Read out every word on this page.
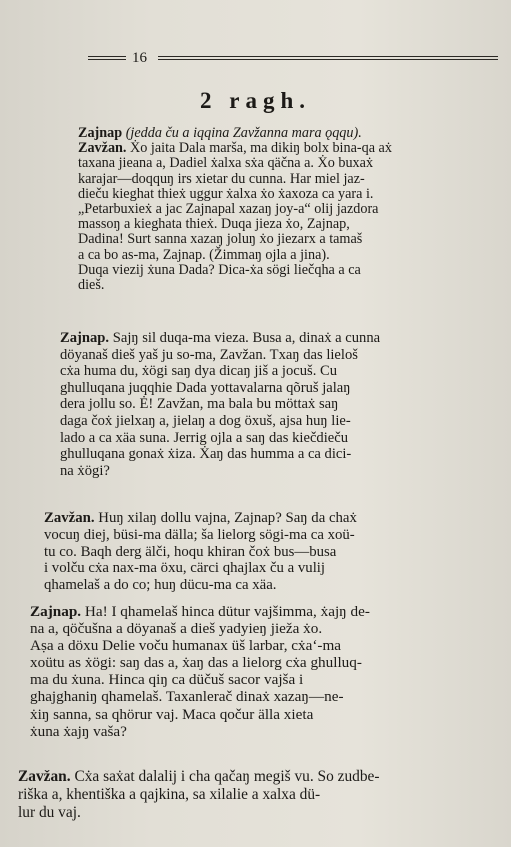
16
2 ragh.
Zajnap (jedda ču a iqqina Zavžanna mara ǫqqu).
Zavžan. Ẋo jaita Dala marša, ma dikiŋ bolx bina-qa aẋ
taxana jieana a, Dadiel ẋalxa sẋa qäčna a. Ẋo buxaẋ
karajar—doqquŋ irs xietar du cunna. Har miel jaz-
dieču kieghat thieẋ uggur ẋalxa ẋo ẋaxoza ca yara i.
„Petarbuxieẋ a jac Zajnapal xazaŋ joy-a“ olij jazdora
massoŋ a kieghata thieẋ. Duqa jieza ẋo, Zajnap,
Dadina! Surt sanna xazaŋ joluŋ ẋo jiezarx a tamaš
a ca bo as-ma, Zajnap. (Žimmaŋ ojla a jina).
Duqa viezij ẋuna Dada? Dica-ẋa sögi liečqha a ca
dieš.
Zajnap. Sajŋ sil duqa-ma vieza. Busa a, dinaẋ a cunna
döyanaš dieš yaš ju so-ma, Zavžan. Txaŋ das lieloš
cẋa huma du, ẋögi saŋ dya dicaŋ jiš a jocuš. Cu
ghulluqana juqqhie Dada yottavalarna qõruš jalaŋ
dera jollu so. Ė! Zavžan, ma bala bu möttaẋ saŋ
daga čoẋ jielxaŋ a, jielaŋ a dog öxuš, ajsa huŋ lie-
lado a ca xäa suna. Jerrig ojla a saŋ das kiečdieču
ghulluqana gonaẋ ẋiza. Ẋaŋ das humma a ca dici-
na ẋögi?
Zavžan. Huŋ xilaŋ dollu vajna, Zajnap? Saŋ da chaẋ
vocuŋ diej, büsi-ma dälla; ša lielorg sögi-ma ca xoü-
tu co. Baqh derg älči, hoqu khiran čoẋ bus—busa
i volču cẋa nax-ma öxu, cärci qhajlax ču a vulij
qhamelaš a do co; huŋ dücu-ma ca xäa.
Zajnap. Ha! I qhamelaš hinca dütur vajšimma, ẋajŋ de-
na a, qöčušna a döyanaš a dieš yadyieŋ jieža ẋo.
Aṣa a döxu Delie voču humanax üš larbar, cẋa‘-ma
xoütu as ẋögi: saŋ das a, ẋaŋ das a lielorg cẋa ghulluq-
ma du ẋuna. Hinca qiŋ ca düčuš sacor vajša i
ghajghaniŋ qhamelaš. Taxanlerač dinaẋ xazaŋ—ne-
ẋiŋ sanna, sa qhörur vaj. Maca qočur älla xieta
ẋuna ẋajŋ vaša?
Zavžan. Cẋa saẋat dalalij i cha qačaŋ megiš vu. So zudbe-
riška a, khentiška a qajkina, sa xilalie a xalxa dü-
lur du vaj.
